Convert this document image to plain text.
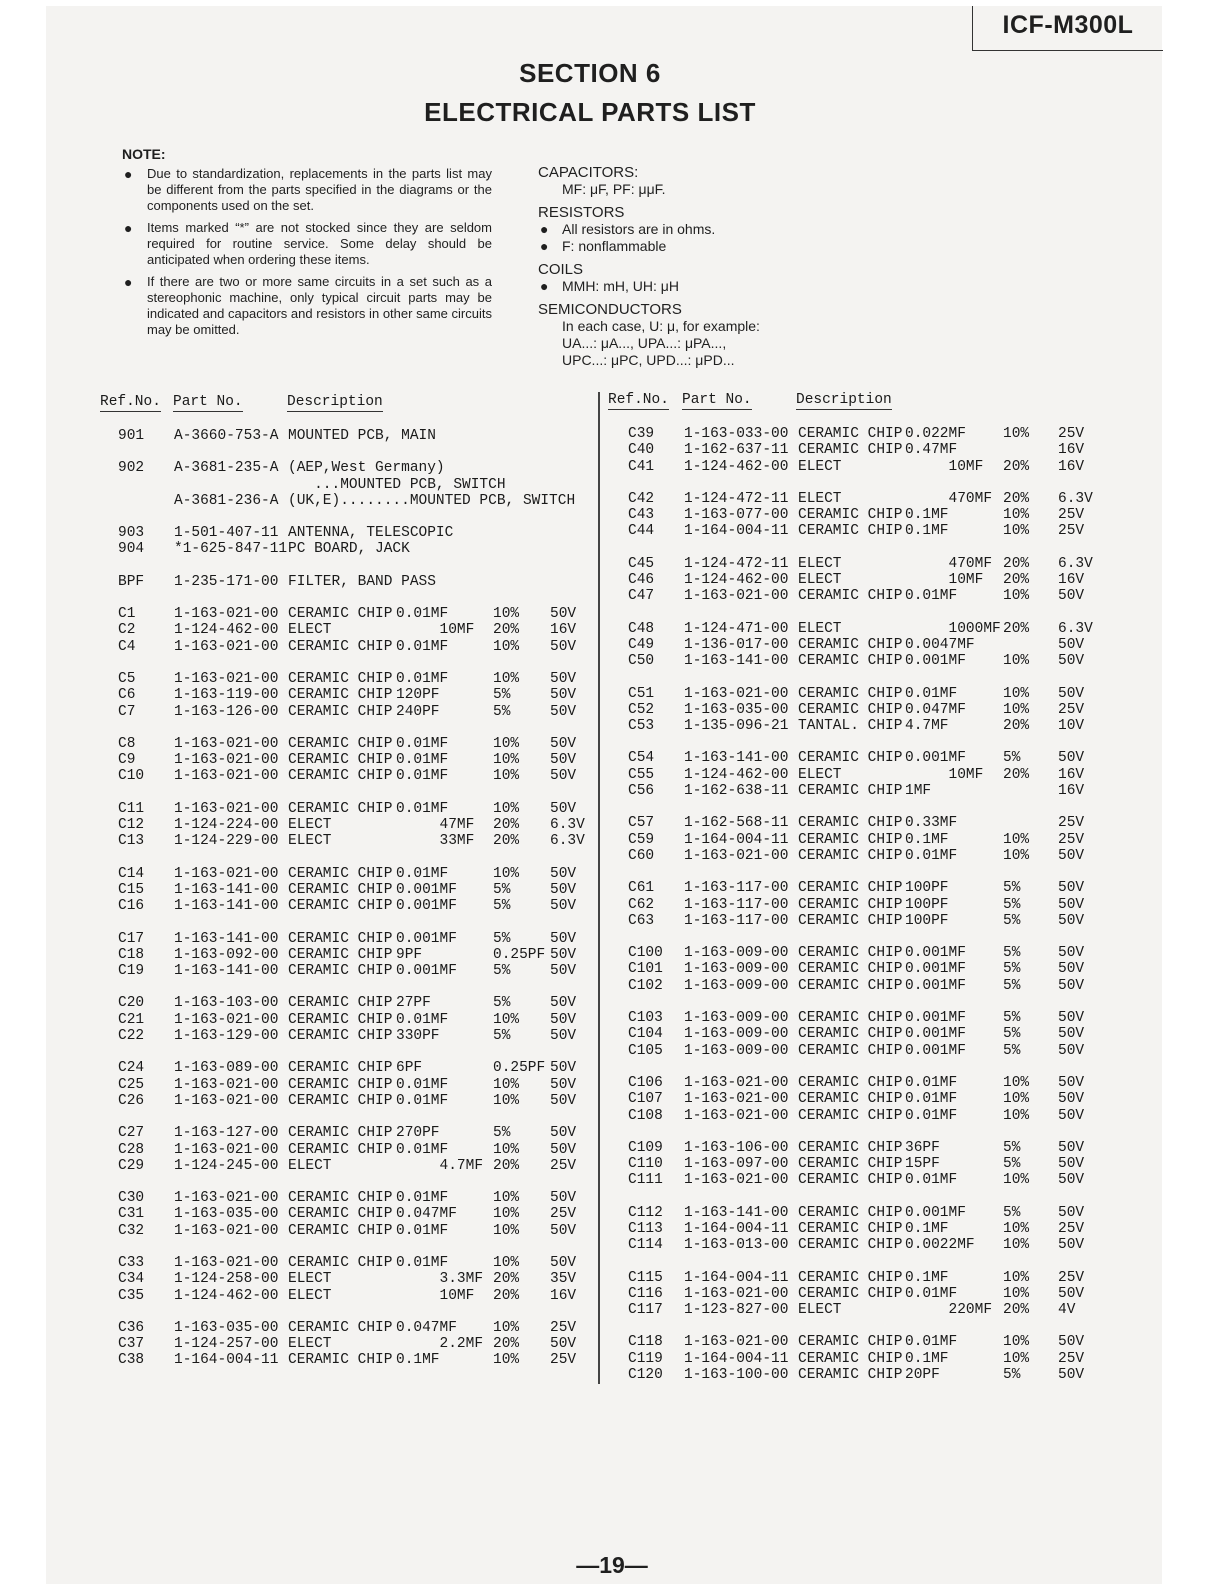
ICF-M300L
SECTION 6
ELECTRICAL PARTS LIST
NOTE:
● Due to standardization, replacements in the parts list may be different from the parts specified in the diagrams or the components used on the set.
● Items marked “*” are not stocked since they are seldom required for routine service. Some delay should be anticipated when ordering these items.
● If there are two or more same circuits in a set such as a stereophonic machine, only typical circuit parts may be indicated and capacitors and resistors in other same circuits may be omitted.
CAPACITORS:
MF: μF, PF: μμF.
RESISTORS
● All resistors are in ohms.
● F: nonflammable
COILS
● MMH: mH, UH: μH
SEMICONDUCTORS
In each case, U: μ, for example:
UA...: μA..., UPA...: μPA...,
UPC...: μPC, UPD...: μPD...
Ref.No. Part No.	Description
901 A-3660-753-A MOUNTED PCB, MAIN
902 A-3681-235-A (AEP,West Germany)
...MOUNTED PCB, SWITCH
A-3681-236-A (UK,E)........MOUNTED PCB, SWITCH
903 1-501-407-11 ANTENNA, TELESCOPIC
904 *1-625-847-11 PC BOARD, JACK
BPF 1-235-171-00 FILTER, BAND PASS
C1	1-163-021-00 CERAMIC CHIP 0.01MF	10% 50V
C2	1-124-462-00 ELECT	10MF 20% 16V
C4	1-163-021-00 CERAMIC CHIP 0.01MF	10% 50V
C5	1-163-021-00 CERAMIC CHIP 0.01MF	10% 50V
C6	1-163-119-00 CERAMIC CHIP 120PF	5%	50V
C7	1-163-126-00 CERAMIC CHIP 240PF	5%	50V
C8	1-163-021-00 CERAMIC CHIP 0.01MF	10% 50V
C9	1-163-021-00 CERAMIC CHIP 0.01MF	10% 50V
C10 1-163-021-00 CERAMIC CHIP 0.01MF	10% 50V
C11 1-163-021-00 CERAMIC CHIP 0.01MF	10% 50V
C12 1-124-224-00 ELECT	47MF 20% 6.3V
C13 1-124-229-00 ELECT	33MF 20% 6.3V
C14 1-163-021-00 CERAMIC CHIP 0.01MF	10% 50V
C15 1-163-141-00 CERAMIC CHIP 0.001MF 5%	50V
C16 1-163-141-00 CERAMIC CHIP 0.001MF 5%	50V
C17 1-163-141-00 CERAMIC CHIP 0.001MF 5%	50V
C18 1-163-092-00 CERAMIC CHIP 9PF	0.25PF 50V
C19 1-163-141-00 CERAMIC CHIP 0.001MF 5%	50V
C20 1-163-103-00 CERAMIC CHIP 27PF	5%	50V
C21 1-163-021-00 CERAMIC CHIP 0.01MF	10% 50V
C22 1-163-129-00 CERAMIC CHIP 330PF	5%	50V
C24 1-163-089-00 CERAMIC CHIP 6PF	0.25PF 50V
C25 1-163-021-00 CERAMIC CHIP 0.01MF	10% 50V
C26 1-163-021-00 CERAMIC CHIP 0.01MF	10% 50V
C27 1-163-127-00 CERAMIC CHIP 270PF	5%	50V
C28 1-163-021-00 CERAMIC CHIP 0.01MF	10% 50V
C29 1-124-245-00 ELECT	4.7MF 20% 25V
C30 1-163-021-00 CERAMIC CHIP 0.01MF	10% 50V
C31 1-163-035-00 CERAMIC CHIP 0.047MF 10% 25V
C32 1-163-021-00 CERAMIC CHIP 0.01MF	10% 50V
C33 1-163-021-00 CERAMIC CHIP 0.01MF	10% 50V
C34 1-124-258-00 ELECT	3.3MF 20% 35V
C35 1-124-462-00 ELECT	10MF 20% 16V
C36 1-163-035-00 CERAMIC CHIP 0.047MF 10% 25V
C37 1-124-257-00 ELECT	2.2MF 20% 50V
C38 1-164-004-11 CERAMIC CHIP 0.1MF	10% 25V
Ref.No. Part No.	Description
C39 1-163-033-00 CERAMIC CHIP 0.022MF	10% 25V
C40 1-162-637-11 CERAMIC CHIP 0.47MF	16V
C41 1-124-462-00 ELECT	10MF 20% 16V
C42 1-124-472-11 ELECT	470MF 20% 6.3V
C43 1-163-077-00 CERAMIC CHIP 0.1MF	10% 25V
C44 1-164-004-11 CERAMIC CHIP 0.1MF	10% 25V
C45 1-124-472-11 ELECT	470MF 20% 6.3V
C46 1-124-462-00 ELECT	10MF 20% 16V
C47 1-163-021-00 CERAMIC CHIP 0.01MF	10% 50V
C48 1-124-471-00 ELECT	1000MF 20% 6.3V
C49 1-136-017-00 CERAMIC CHIP 0.0047MF	50V
C50 1-163-141-00 CERAMIC CHIP 0.001MF	10% 50V
C51 1-163-021-00 CERAMIC CHIP 0.01MF	10% 50V
C52 1-163-035-00 CERAMIC CHIP 0.047MF	10% 25V
C53 1-135-096-21 TANTAL. CHIP 4.7MF	20% 10V
C54 1-163-141-00 CERAMIC CHIP 0.001MF	5%	50V
C55 1-124-462-00 ELECT	10MF 20% 16V
C56 1-162-638-11 CERAMIC CHIP 1MF	16V
C57 1-162-568-11 CERAMIC CHIP 0.33MF	25V
C59 1-164-004-11 CERAMIC CHIP 0.1MF	10% 25V
C60 1-163-021-00 CERAMIC CHIP 0.01MF	10% 50V
C61 1-163-117-00 CERAMIC CHIP 100PF	5%	50V
C62 1-163-117-00 CERAMIC CHIP 100PF	5%	50V
C63 1-163-117-00 CERAMIC CHIP 100PF	5%	50V
C100 1-163-009-00 CERAMIC CHIP 0.001MF	5%	50V
C101 1-163-009-00 CERAMIC CHIP 0.001MF	5%	50V
C102 1-163-009-00 CERAMIC CHIP 0.001MF	5%	50V
C103 1-163-009-00 CERAMIC CHIP 0.001MF	5%	50V
C104 1-163-009-00 CERAMIC CHIP 0.001MF	5%	50V
C105 1-163-009-00 CERAMIC CHIP 0.001MF	5%	50V
C106 1-163-021-00 CERAMIC CHIP 0.01MF	10% 50V
C107 1-163-021-00 CERAMIC CHIP 0.01MF	10% 50V
C108 1-163-021-00 CERAMIC CHIP 0.01MF	10% 50V
C109 1-163-106-00 CERAMIC CHIP 36PF	5%	50V
C110 1-163-097-00 CERAMIC CHIP 15PF	5%	50V
C111 1-163-021-00 CERAMIC CHIP 0.01MF	10% 50V
C112 1-163-141-00 CERAMIC CHIP 0.001MF	5%	50V
C113 1-164-004-11 CERAMIC CHIP 0.1MF	10% 25V
C114 1-163-013-00 CERAMIC CHIP 0.0022MF 10% 50V
C115 1-164-004-11 CERAMIC CHIP 0.1MF	10% 25V
C116 1-163-021-00 CERAMIC CHIP 0.01MF	10% 50V
C117 1-123-827-00 ELECT	220MF 20% 4V
C118 1-163-021-00 CERAMIC CHIP 0.01MF	10% 50V
C119 1-164-004-11 CERAMIC CHIP 0.1MF	10% 25V
C120 1-163-100-00 CERAMIC CHIP 20PF	5%	50V
—19—
